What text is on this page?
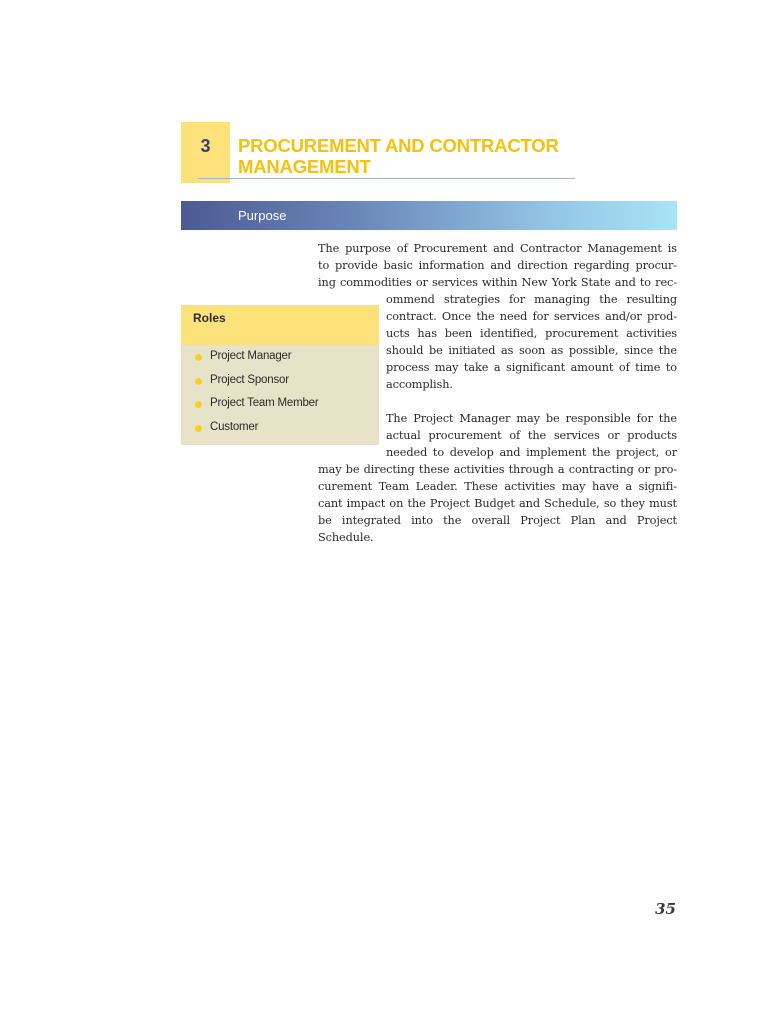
3	PROCUREMENT AND CONTRACTOR
MANAGEMENT
Purpose
Roles
Project Manager
Project Sponsor
Project Team Member
Customer
The purpose of Procurement and Contractor Management is
to provide basic information and direction regarding procur-
ing commodities or services within New York State and to rec-
ommend strategies for managing the resulting
contract. Once the need for services and/or prod-
ucts has been identified, procurement activities
should be initiated as soon as possible, since the
process may take a significant amount of time to
accomplish.
The Project Manager may be responsible for the
actual procurement of the services or products
needed to develop and implement the project, or
may be directing these activities through a contracting or pro-
curement Team Leader. These activities may have a signifi-
cant impact on the Project Budget and Schedule, so they must
be integrated into the overall Project Plan and Project
Schedule.
35
